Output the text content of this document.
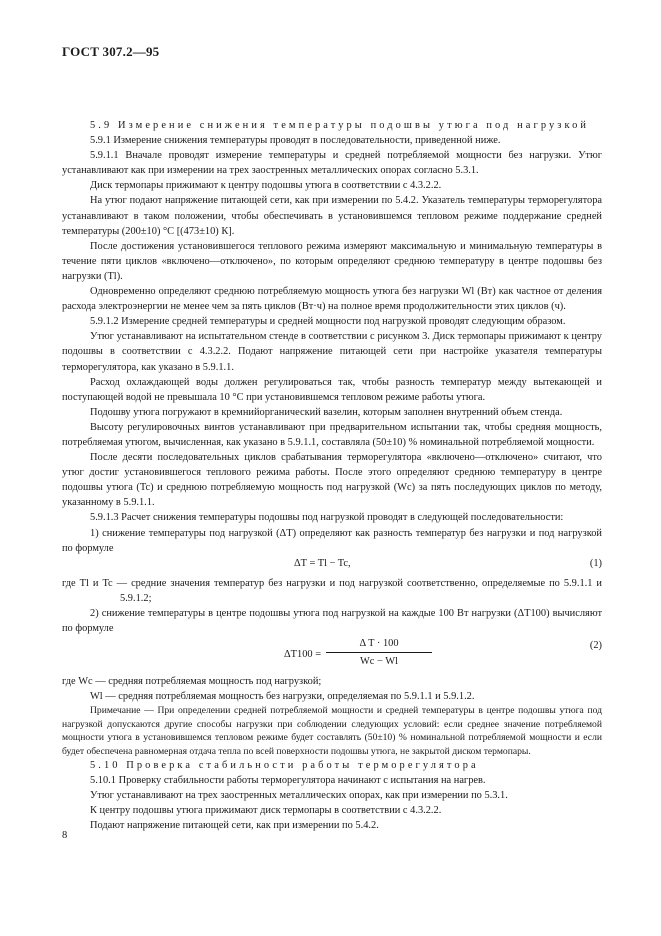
ГОСТ 307.2—95

5.9 Измерение снижения температуры подошвы утюга под нагрузкой

5.9.1 Измерение снижения температуры проводят в последовательности, приведенной ниже.

5.9.1.1 Вначале проводят измерение температуры и средней потребляемой мощности без нагрузки. Утюг устанавливают как при измерении на трех заостренных металлических опорах согласно 5.3.1.

Диск термопары прижимают к центру подошвы утюга в соответствии с 4.3.2.2.

На утюг подают напряжение питающей сети, как при измерении по 5.4.2. Указатель температуры терморегулятора устанавливают в таком положении, чтобы обеспечивать в установившемся тепловом режиме поддержание средней температуры (200±10) °С [(473±10) К].

После достижения установившегося теплового режима измеряют максимальную и минимальную температуры в течение пяти циклов «включено—отключено», по которым определяют среднюю температуру в центре подошвы без нагрузки (Tl).

Одновременно определяют среднюю потребляемую мощность утюга без нагрузки Wl (Вт) как частное от деления расхода электроэнергии не менее чем за пять циклов (Вт·ч) на полное время продолжительности этих циклов (ч).

5.9.1.2 Измерение средней температуры и средней мощности под нагрузкой проводят следующим образом.

Утюг устанавливают на испытательном стенде в соответствии с рисунком 3. Диск термопары прижимают к центру подошвы в соответствии с 4.3.2.2. Подают напряжение питающей сети при настройке указателя температуры терморегулятора, как указано в 5.9.1.1.

Расход охлаждающей воды должен регулироваться так, чтобы разность температур между вытекающей и поступающей водой не превышала 10 °С при установившемся тепловом режиме работы утюга.

Подошву утюга погружают в кремнийорганический вазелин, которым заполнен внутренний объем стенда.

Высоту регулировочных винтов устанавливают при предварительном испытании так, чтобы средняя мощность, потребляемая утюгом, вычисленная, как указано в 5.9.1.1, составляла (50±10) % номинальной потребляемой мощности.

После десяти последовательных циклов срабатывания терморегулятора «включено—отключено» считают, что утюг достиг установившегося теплового режима работы. После этого определяют среднюю температуру в центре подошвы утюга (Tc) и среднюю потребляемую мощность под нагрузкой (Wc) за пять последующих циклов по методу, указанному в 5.9.1.1.

5.9.1.3 Расчет снижения температуры подошвы под нагрузкой проводят в следующей последовательности:

1) снижение температуры под нагрузкой (ΔT) определяют как разность температур без нагрузки и под нагрузкой по формуле

ΔT = Tl − Tc,	(1)

где Tl и Tc — средние значения температур без нагрузки и под нагрузкой соответственно, определяемые по 5.9.1.1 и 5.9.1.2;

2) снижение температуры в центре подошвы утюга под нагрузкой на каждые 100 Вт нагрузки (ΔT100) вычисляют по формуле

ΔT100 =
Δ T · 100
Wc − Wl
(2)

где Wc — средняя потребляемая мощность под нагрузкой;

Wl — средняя потребляемая мощность без нагрузки, определяемая по 5.9.1.1 и 5.9.1.2.

Примечание — При определении средней потребляемой мощности и средней температуры в центре подошвы утюга под нагрузкой допускаются другие способы нагрузки при соблюдении следующих условий: если среднее значение потребляемой мощности утюга в установившемся тепловом режиме будет составлять (50±10) % номинальной потребляемой мощности и если будет обеспечена равномерная отдача тепла по всей поверхности подошвы утюга, не закрытой диском термопары.

5.10 Проверка стабильности работы терморегулятора

5.10.1 Проверку стабильности работы терморегулятора начинают с испытания на нагрев.

Утюг устанавливают на трех заостренных металлических опорах, как при измерении по 5.3.1.

К центру подошвы утюга прижимают диск термопары в соответствии с 4.3.2.2.

Подают напряжение питающей сети, как при измерении по 5.4.2.

8
